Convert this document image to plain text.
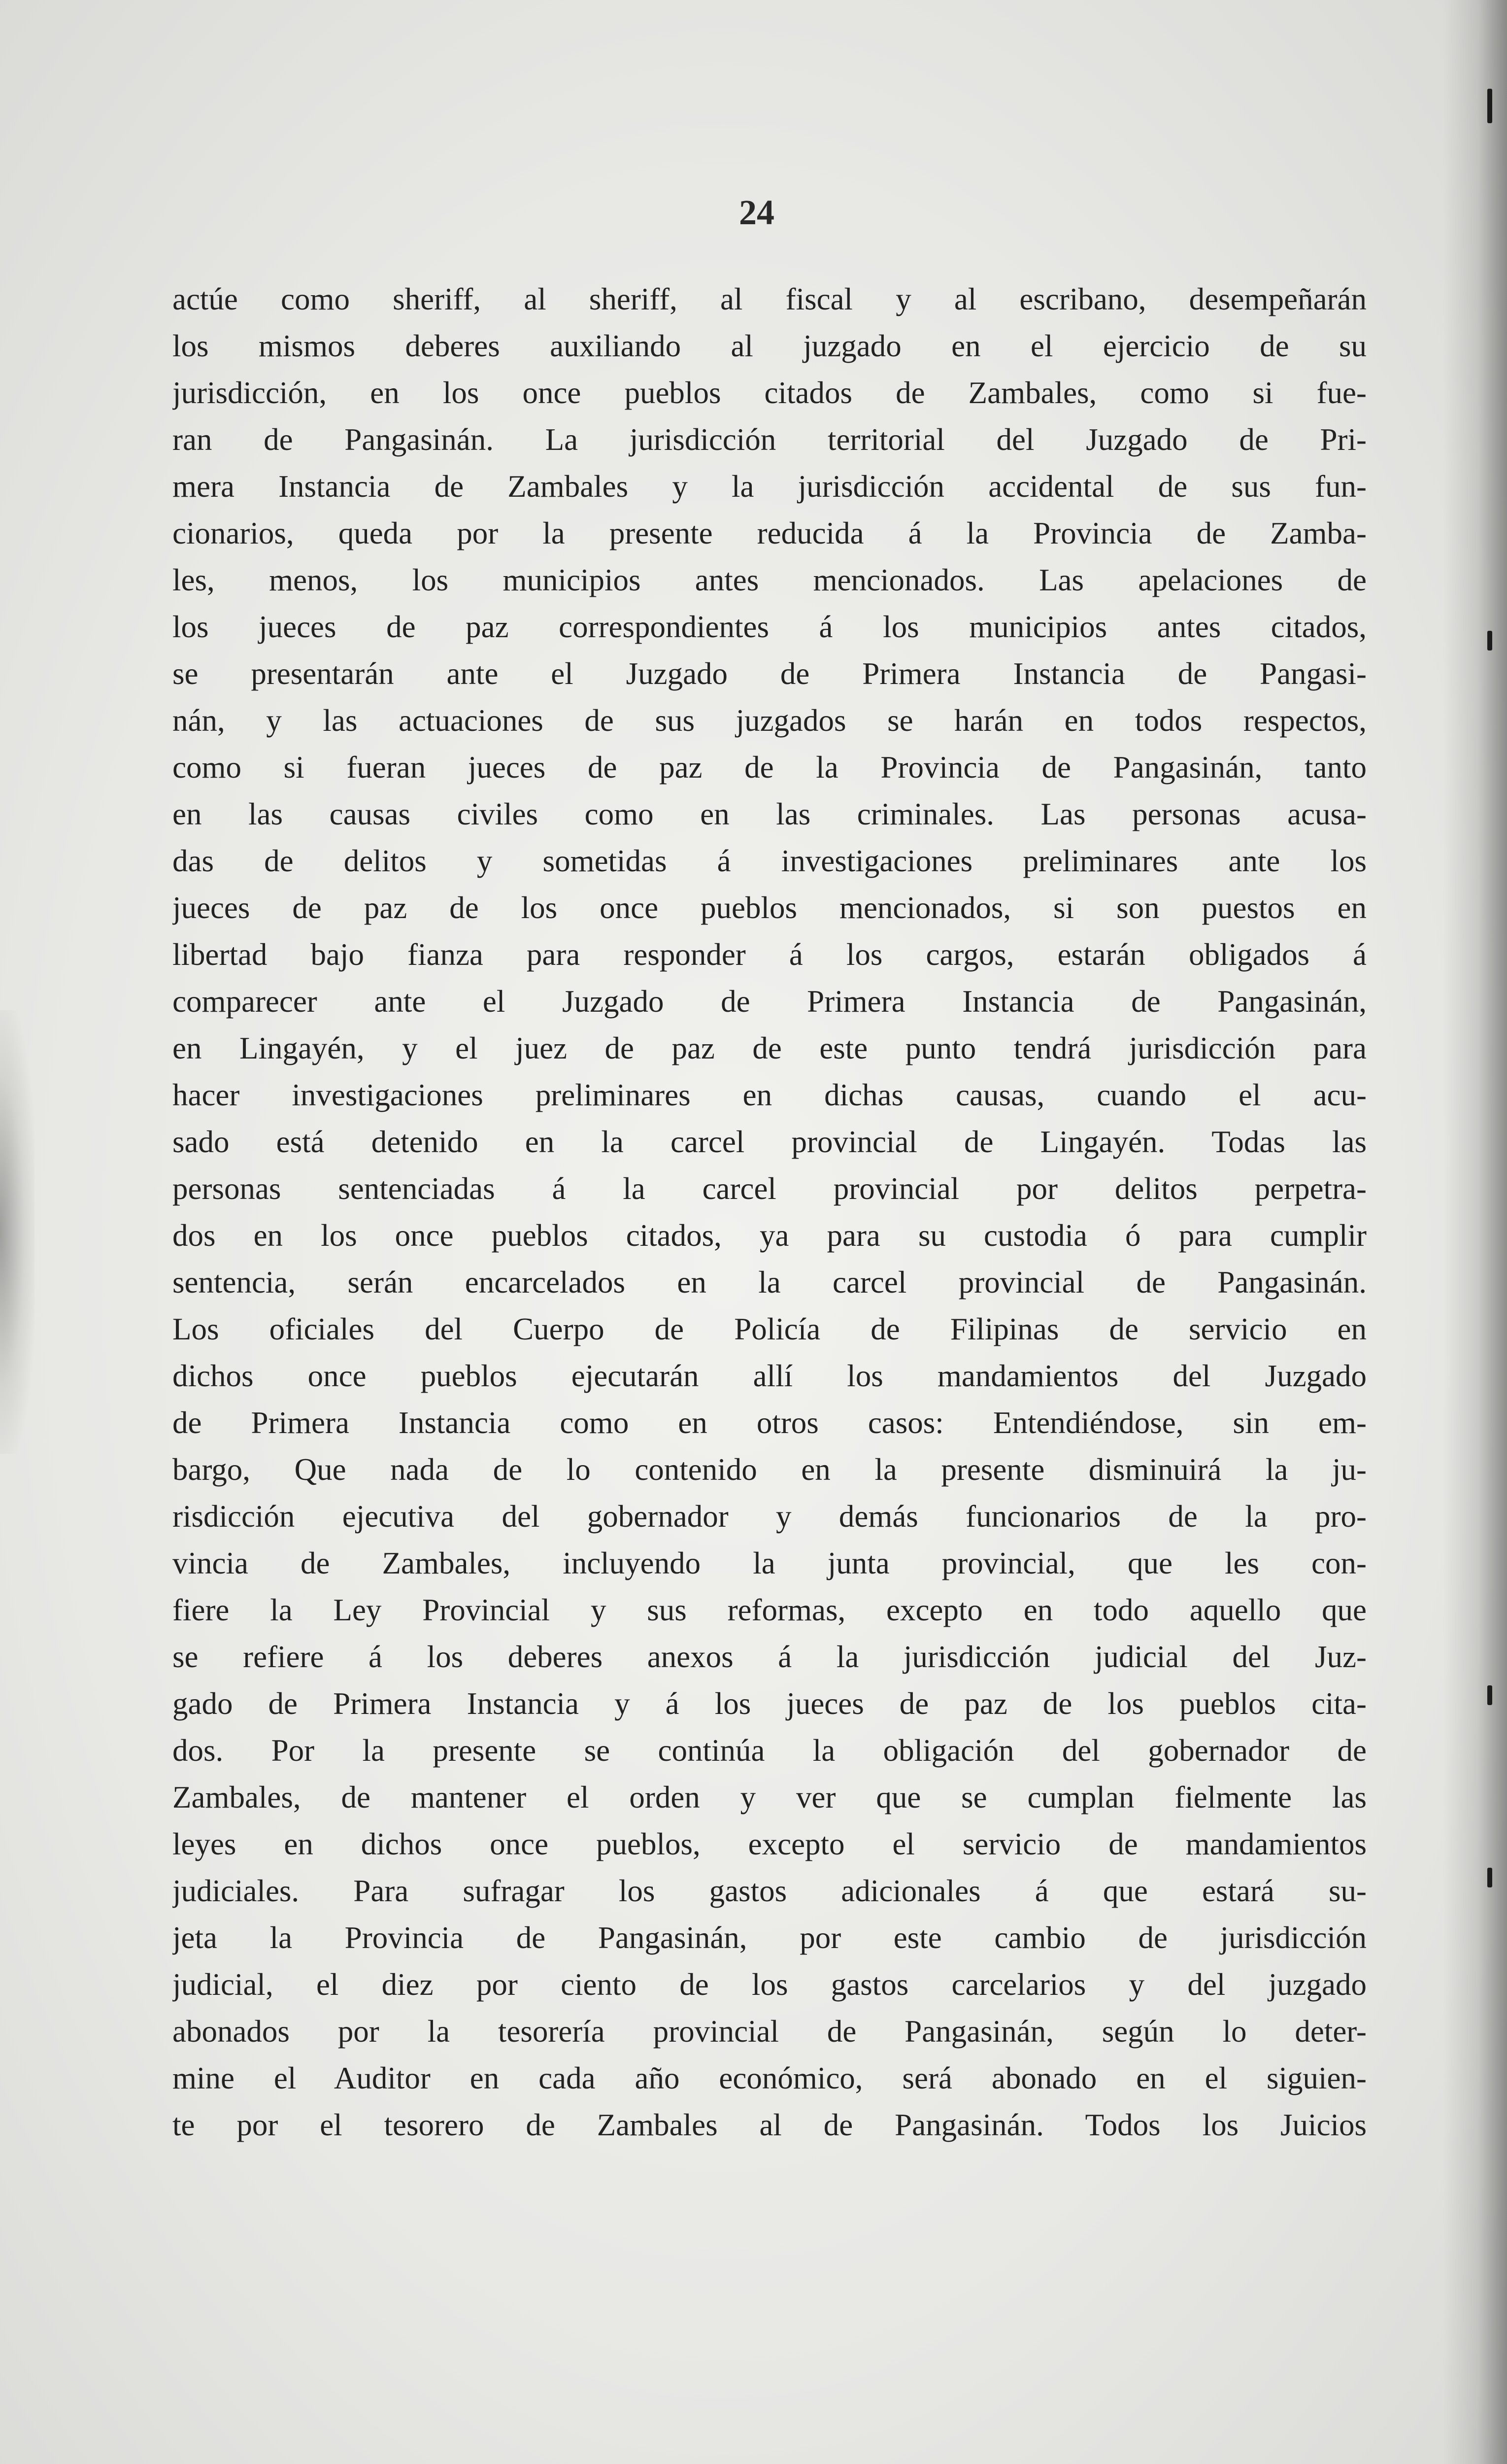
24
actúe como sheriff, al sheriff, al fiscal y al escribano, desempeñarán
los mismos deberes auxiliando al juzgado en el ejercicio de su
jurisdicción, en los once pueblos citados de Zambales, como si fue-
ran de Pangasinán. La jurisdicción territorial del Juzgado de Pri-
mera Instancia de Zambales y la jurisdicción accidental de sus fun-
cionarios, queda por la presente reducida á la Provincia de Zamba-
les, menos, los municipios antes mencionados. Las apelaciones de
los jueces de paz correspondientes á los municipios antes citados,
se presentarán ante el Juzgado de Primera Instancia de Pangasi-
nán, y las actuaciones de sus juzgados se harán en todos respectos,
como si fueran jueces de paz de la Provincia de Pangasinán, tanto
en las causas civiles como en las criminales. Las personas acusa-
das de delitos y sometidas á investigaciones preliminares ante los
jueces de paz de los once pueblos mencionados, si son puestos en
libertad bajo fianza para responder á los cargos, estarán obligados á
comparecer ante el Juzgado de Primera Instancia de Pangasinán,
en Lingayén, y el juez de paz de este punto tendrá jurisdicción para
hacer investigaciones preliminares en dichas causas, cuando el acu-
sado está detenido en la carcel provincial de Lingayén. Todas las
personas sentenciadas á la carcel provincial por delitos perpetra-
dos en los once pueblos citados, ya para su custodia ó para cumplir
sentencia, serán encarcelados en la carcel provincial de Pangasinán.
Los oficiales del Cuerpo de Policía de Filipinas de servicio en
dichos once pueblos ejecutarán allí los mandamientos del Juzgado
de Primera Instancia como en otros casos: Entendiéndose, sin em-
bargo, Que nada de lo contenido en la presente disminuirá la ju-
risdicción ejecutiva del gobernador y demás funcionarios de la pro-
vincia de Zambales, incluyendo la junta provincial, que les con-
fiere la Ley Provincial y sus reformas, excepto en todo aquello que
se refiere á los deberes anexos á la jurisdicción judicial del Juz-
gado de Primera Instancia y á los jueces de paz de los pueblos cita-
dos. Por la presente se continúa la obligación del gobernador de
Zambales, de mantener el orden y ver que se cumplan fielmente las
leyes en dichos once pueblos, excepto el servicio de mandamientos
judiciales. Para sufragar los gastos adicionales á que estará su-
jeta la Provincia de Pangasinán, por este cambio de jurisdicción
judicial, el diez por ciento de los gastos carcelarios y del juzgado
abonados por la tesorería provincial de Pangasinán, según lo deter-
mine el Auditor en cada año económico, será abonado en el siguien-
te por el tesorero de Zambales al de Pangasinán. Todos los Juicios
